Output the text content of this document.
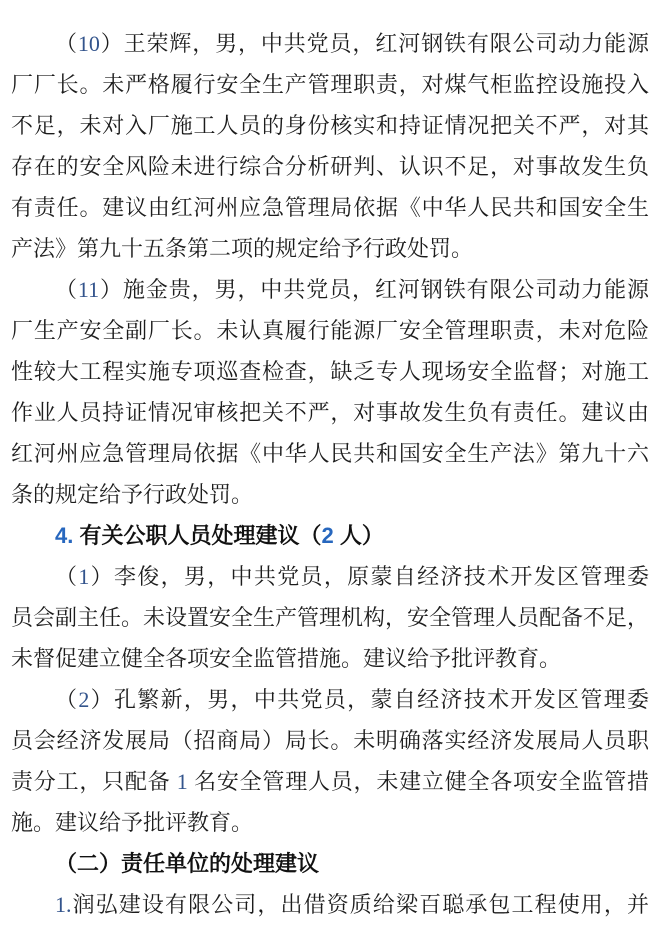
（10）王荣辉，男，中共党员，红河钢铁有限公司动力能源
厂厂长。未严格履行安全生产管理职责，对煤气柜监控设施投入
不足，未对入厂施工人员的身份核实和持证情况把关不严，对其
存在的安全风险未进行综合分析研判、认识不足，对事故发生负
有责任。建议由红河州应急管理局依据《中华人民共和国安全生
产法》第九十五条第二项的规定给予行政处罚。
（11）施金贵，男，中共党员，红河钢铁有限公司动力能源
厂生产安全副厂长。未认真履行能源厂安全管理职责，未对危险
性较大工程实施专项巡查检查，缺乏专人现场安全监督；对施工
作业人员持证情况审核把关不严，对事故发生负有责任。建议由
红河州应急管理局依据《中华人民共和国安全生产法》第九十六
条的规定给予行政处罚。
4. 有关公职人员处理建议（2 人）
（1）李俊，男，中共党员，原蒙自经济技术开发区管理委
员会副主任。未设置安全生产管理机构，安全管理人员配备不足，
未督促建立健全各项安全监管措施。建议给予批评教育。
（2）孔繁新，男，中共党员，蒙自经济技术开发区管理委
员会经济发展局（招商局）局长。未明确落实经济发展局人员职
责分工，只配备 1 名安全管理人员，未建立健全各项安全监管措
施。建议给予批评教育。
（二）责任单位的处理建议
1.润弘建设有限公司，出借资质给梁百聪承包工程使用，并
